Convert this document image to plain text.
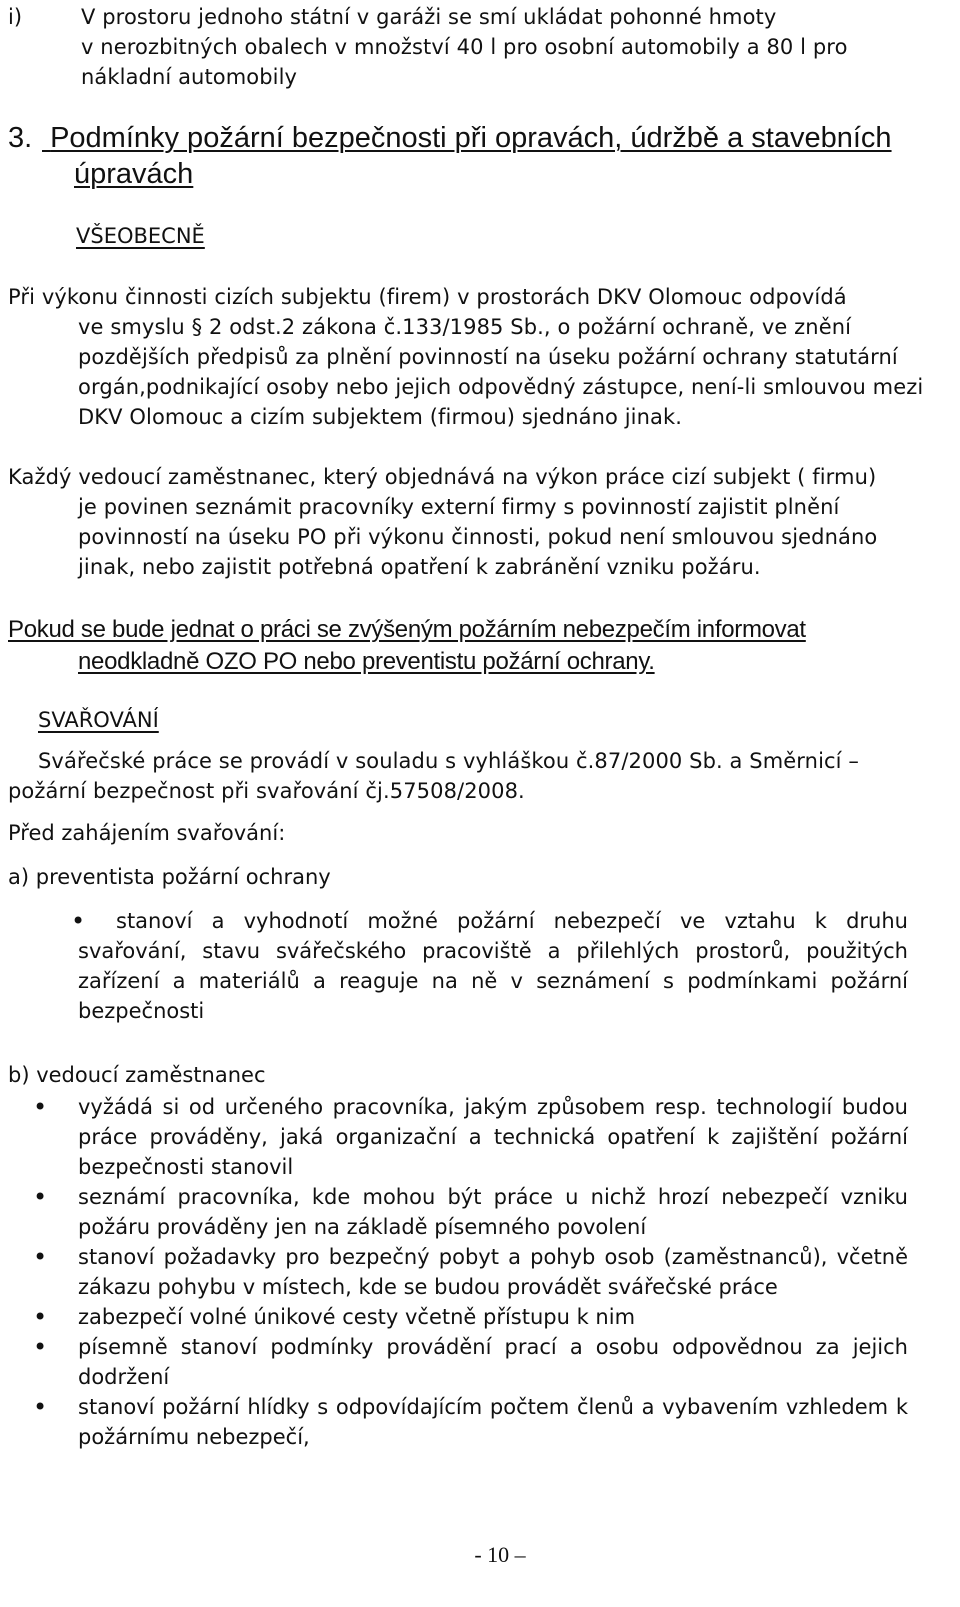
i)	V prostoru jednoho státní v garáži se smí ukládat pohonné hmoty
v nerozbitných obalech v množství 40 l pro osobní automobily a 80 l pro nákladní automobily

3. Podmínky požární bezpečnosti při opravách, údržbě a stavebních
úpravách
VŠEOBECNĚ

Při výkonu činnosti cizích subjektu (firem) v prostorách DKV Olomouc odpovídá
ve smyslu § 2 odst.2 zákona č.133/1985 Sb., o požární ochraně, ve znění pozdějších předpisů za plnění povinností na úseku požární ochrany statutární orgán,podnikající osoby nebo jejich odpovědný zástupce, není-li smlouvou mezi DKV Olomouc a cizím subjektem (firmou) sjednáno jinak.

Každý vedoucí zaměstnanec, který objednává na výkon práce cizí subjekt ( firmu)
je povinen seznámit pracovníky externí firmy s povinností zajistit plnění povinností na úseku PO při výkonu činnosti, pokud není smlouvou sjednáno jinak, nebo zajistit potřebná opatření k zabránění vzniku požáru.

Pokud se bude jednat o práci se zvýšeným požárním nebezpečím informovat
neodkladně OZO PO nebo preventistu požární ochrany.

SVAŘOVÁNÍ

Svářečské práce se provádí v souladu s vyhláškou č.87/2000 Sb. a Směrnicí –

požární bezpečnost při svařování čj.57508/2008.

Před zahájením svařování:

a) preventista požární ochrany

• stanoví a vyhodnotí možné požární nebezpečí ve vztahu k druhu svařování, stavu svářečského pracoviště a přilehlých prostorů, použitých zařízení a materiálů a reaguje na ně v seznámení s podmínkami požární bezpečnosti

b) vedoucí zaměstnanec

• vyžádá si od určeného pracovníka, jakým způsobem resp. technologií budou práce prováděny, jaká organizační a technická opatření k zajištění požární bezpečnosti stanovil
• seznámí pracovníka, kde mohou být práce u nichž hrozí nebezpečí vzniku požáru prováděny jen na základě písemného povolení
• stanoví požadavky pro bezpečný pobyt a pohyb osob (zaměstnanců), včetně zákazu pohybu v místech, kde se budou provádět svářečské práce
• zabezpečí volné únikové cesty včetně přístupu k nim
• písemně stanoví podmínky provádění prací a osobu odpovědnou za jejich dodržení
• stanoví požární hlídky s odpovídajícím počtem členů a vybavením vzhledem k požárnímu nebezpečí,

- 10 –
